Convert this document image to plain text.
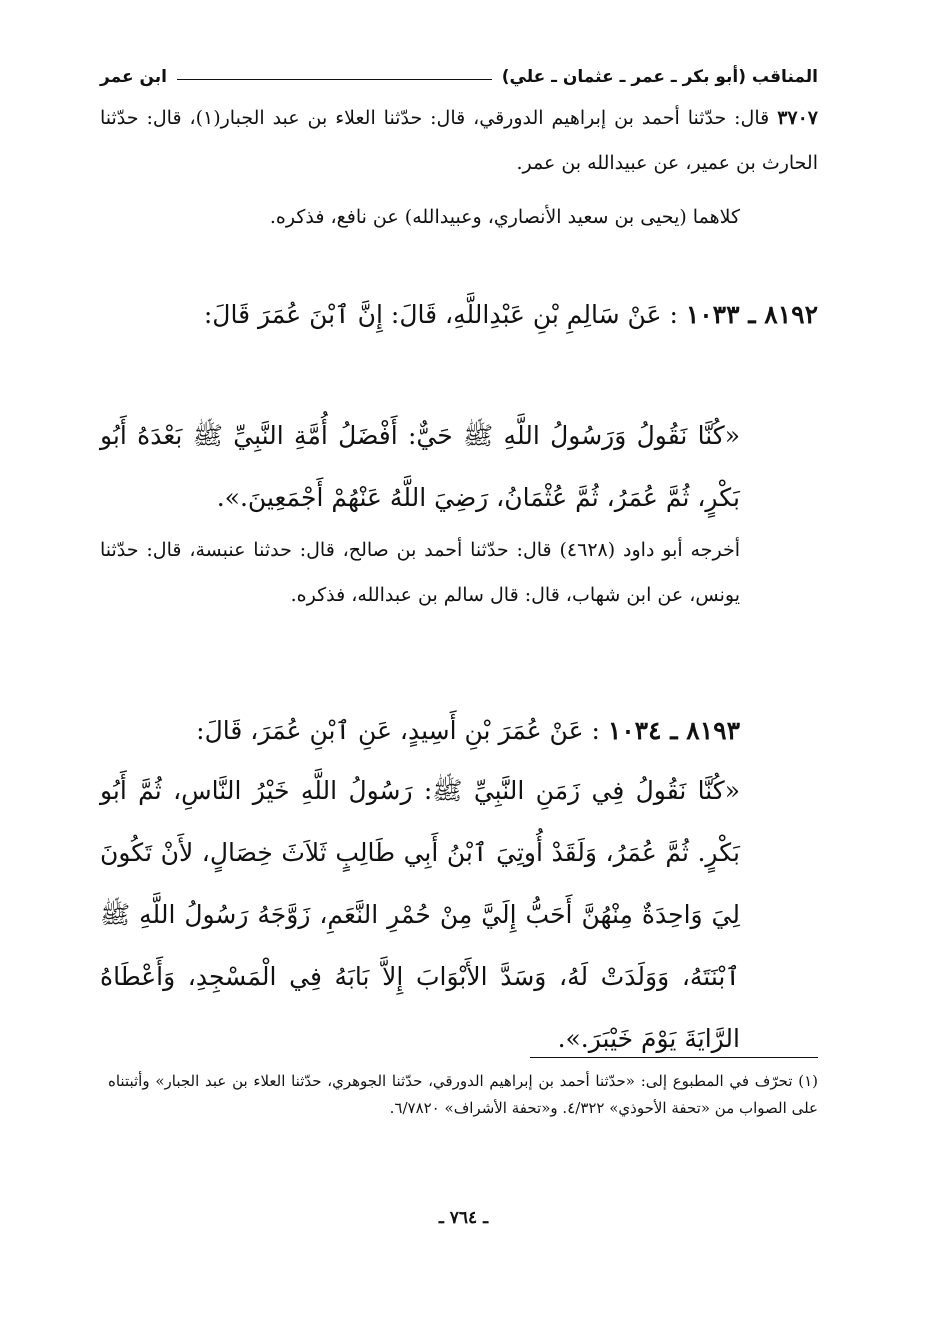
المناقب (أبو بكر ـ عمر ـ عثمان ـ علي)
ابن عمر
٣٧٠٧ قال: حدّثنا أحمد بن إبراهيم الدورقي، قال: حدّثنا العلاء بن عبد الجبار(١)، قال: حدّثنا الحارث بن عمير، عن عبيدالله بن عمر.
كلاهما (يحيى بن سعيد الأنصاري، وعبيدالله) عن نافع، فذكره.
٨١٩٢ ـ ١٠٣٣ : عَنْ سَالِمِ بْنِ عَبْدِاللَّهِ، قَالَ: إِنَّ ٱبْنَ عُمَرَ قَالَ:
«كُنَّا نَقُولُ وَرَسُولُ اللَّهِ ﷺ حَيٌّ: أَفْضَلُ أُمَّةِ النَّبِيِّ ﷺ بَعْدَهُ أَبُو بَكْرٍ، ثُمَّ عُمَرُ، ثُمَّ عُثْمَانُ، رَضِيَ اللَّهُ عَنْهُمْ أَجْمَعِينَ.».
أخرجه أبو داود (٤٦٢٨) قال: حدّثنا أحمد بن صالح، قال: حدثنا عنبسة، قال: حدّثنا يونس، عن ابن شهاب، قال: قال سالم بن عبدالله، فذكره.
٨١٩٣ ـ ١٠٣٤ : عَنْ عُمَرَ بْنِ أَسِيدٍ، عَنِ ٱبْنِ عُمَرَ، قَالَ:
«كُنَّا نَقُولُ فِي زَمَنِ النَّبِيِّ ﷺ: رَسُولُ اللَّهِ خَيْرُ النَّاسِ، ثُمَّ أَبُو بَكْرٍ. ثُمَّ عُمَرُ، وَلَقَدْ أُوتِيَ ٱبْنُ أَبِي طَالِبٍ ثَلاَثَ خِصَالٍ، لأَنْ تَكُونَ لِيَ وَاحِدَةٌ مِنْهُنَّ أَحَبُّ إِلَيَّ مِنْ حُمْرِ النَّعَمِ، زَوَّجَهُ رَسُولُ اللَّهِ ﷺ ٱبْنَتَهُ، وَوَلَدَتْ لَهُ، وَسَدَّ الأَبْوَابَ إِلاَّ بَابَهُ فِي الْمَسْجِدِ، وَأَعْطَاهُ الرَّايَةَ يَوْمَ خَيْبَرَ.».
(١) تحرّف في المطبوع إلى: «حدّثنا أحمد بن إبراهيم الدورقي، حدّثنا الجوهري، حدّثنا العلاء بن عبد الجبار» وأثبتناه على الصواب من «تحفة الأحوذي» ٤/٣٢٢. و«تحفة الأشراف» ٦/٧٨٢٠.
ـ ٧٦٤ ـ
